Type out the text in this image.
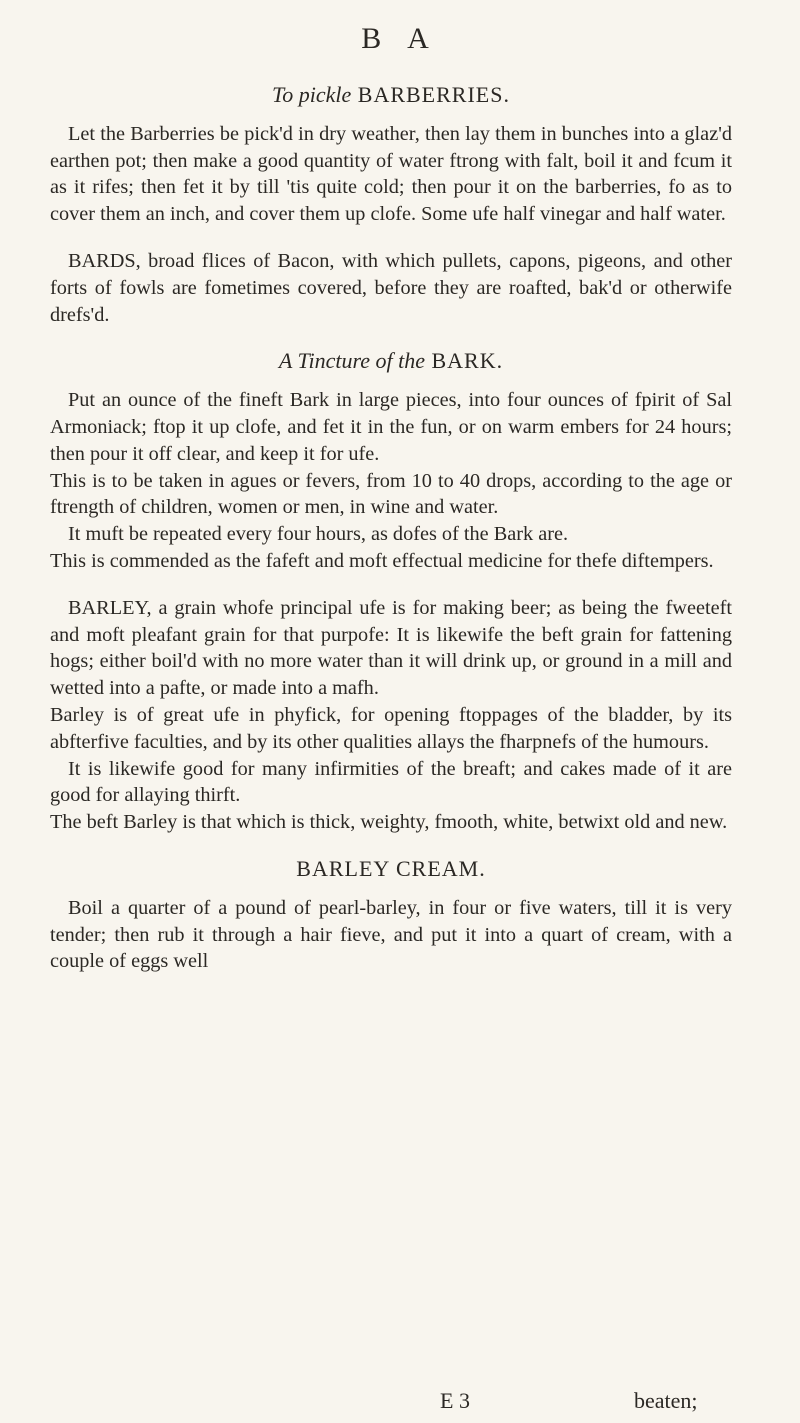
B A
To pickle BARBERRIES.

Let the Barberries be pick'd in dry weather, then lay them in bunches into a glaz'd earthen pot; then make a good quantity of water ftrong with falt, boil it and fcum it as it rifes; then fet it by till 'tis quite cold; then pour it on the barberries, fo as to cover them an inch, and cover them up clofe. Some ufe half vinegar and half water.

BARDS, broad flices of Bacon, with which pullets, capons, pigeons, and other forts of fowls are fometimes covered, before they are roafted, bak'd or otherwife drefs'd.

A Tincture of the BARK.

Put an ounce of the fineft Bark in large pieces, into four ounces of fpirit of Sal Armoniack; ftop it up clofe, and fet it in the fun, or on warm embers for 24 hours; then pour it off clear, and keep it for ufe.

This is to be taken in agues or fevers, from 10 to 40 drops, according to the age or ftrength of children, women or men, in wine and water.

It muft be repeated every four hours, as dofes of the Bark are.

This is commended as the fafeft and moft effectual medicine for thefe diftempers.

BARLEY, a grain whofe principal ufe is for making beer; as being the fweeteft and moft pleafant grain for that purpofe: It is likewife the beft grain for fattening hogs; either boil'd with no more water than it will drink up, or ground in a mill and wetted into a pafte, or made into a mafh.

Barley is of great ufe in phyfick, for opening ftoppages of the bladder, by its abfterfive faculties, and by its other qualities allays the fharpnefs of the humours.

It is likewife good for many infirmities of the breaft; and cakes made of it are good for allaying thirft.

The beft Barley is that which is thick, weighty, fmooth, white, betwixt old and new.

BARLEY CREAM.

Boil a quarter of a pound of pearl-barley, in four or five waters, till it is very tender; then rub it through a hair fieve, and put it into a quart of cream, with a couple of eggs well

E 3	beaten;
